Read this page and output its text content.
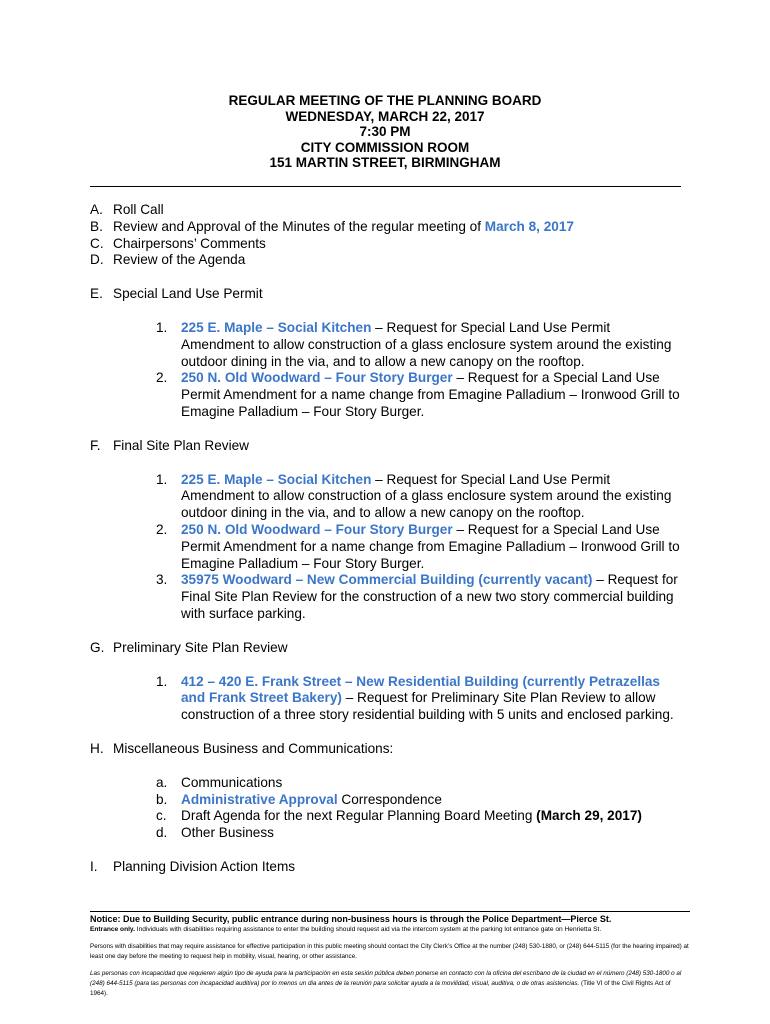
REGULAR MEETING OF THE PLANNING BOARD
WEDNESDAY, MARCH 22, 2017
7:30 PM
CITY COMMISSION ROOM
151 MARTIN STREET, BIRMINGHAM
A. Roll Call
B. Review and Approval of the Minutes of the regular meeting of March 8, 2017
C. Chairpersons’ Comments
D. Review of the Agenda
E. Special Land Use Permit
1.	225 E. Maple – Social Kitchen – Request for Special Land Use Permit Amendment to allow construction of a glass enclosure system around the existing outdoor dining in the via, and to allow a new canopy on the rooftop.
2.	250 N. Old Woodward – Four Story Burger – Request for a Special Land Use Permit Amendment for a name change from Emagine Palladium – Ironwood Grill to Emagine Palladium – Four Story Burger.
F. Final Site Plan Review
1.	225 E. Maple – Social Kitchen – Request for Special Land Use Permit Amendment to allow construction of a glass enclosure system around the existing outdoor dining in the via, and to allow a new canopy on the rooftop.
2.	250 N. Old Woodward – Four Story Burger – Request for a Special Land Use Permit Amendment for a name change from Emagine Palladium – Ironwood Grill to Emagine Palladium – Four Story Burger.
3.	35975 Woodward – New Commercial Building (currently vacant) – Request for Final Site Plan Review for the construction of a new two story commercial building with surface parking.
G. Preliminary Site Plan Review
1.	412 – 420 E. Frank Street – New Residential Building (currently Petrazellas and Frank Street Bakery) – Request for Preliminary Site Plan Review to allow construction of a three story residential building with 5 units and enclosed parking.
H. Miscellaneous Business and Communications:
a.	Communications
b.	Administrative Approval Correspondence
c.	Draft Agenda for the next Regular Planning Board Meeting (March 29, 2017)
d.	Other Business
I.	Planning Division Action Items
Notice: Due to Building Security, public entrance during non-business hours is through the Police Department—Pierce St.
Entrance only. Individuals with disabilities requiring assistance to enter the building should request aid via the intercom system at the parking lot entrance gate on Henrietta St.
Persons with disabilities that may require assistance for effective participation in this public meeting should contact the City Clerk’s Office at the number (248) 530-1880, or (248) 644-5115 (for the hearing impaired) at least one day before the meeting to request help in mobility, visual, hearing, or other assistance.
Las personas con incapacidad que requieren algún tipo de ayuda para la participación en esta sesión pública deben ponerse en contacto con la oficina del escribano de la ciudad en el número (248) 530-1800 o al (248) 644-5115 (para las personas con incapacidad auditiva) por lo menos un dia antes de la reunión para solicitar ayuda a la movilidad, visual, auditiva, o de otras asistencias. (Title VI of the Civil Rights Act of 1964).
